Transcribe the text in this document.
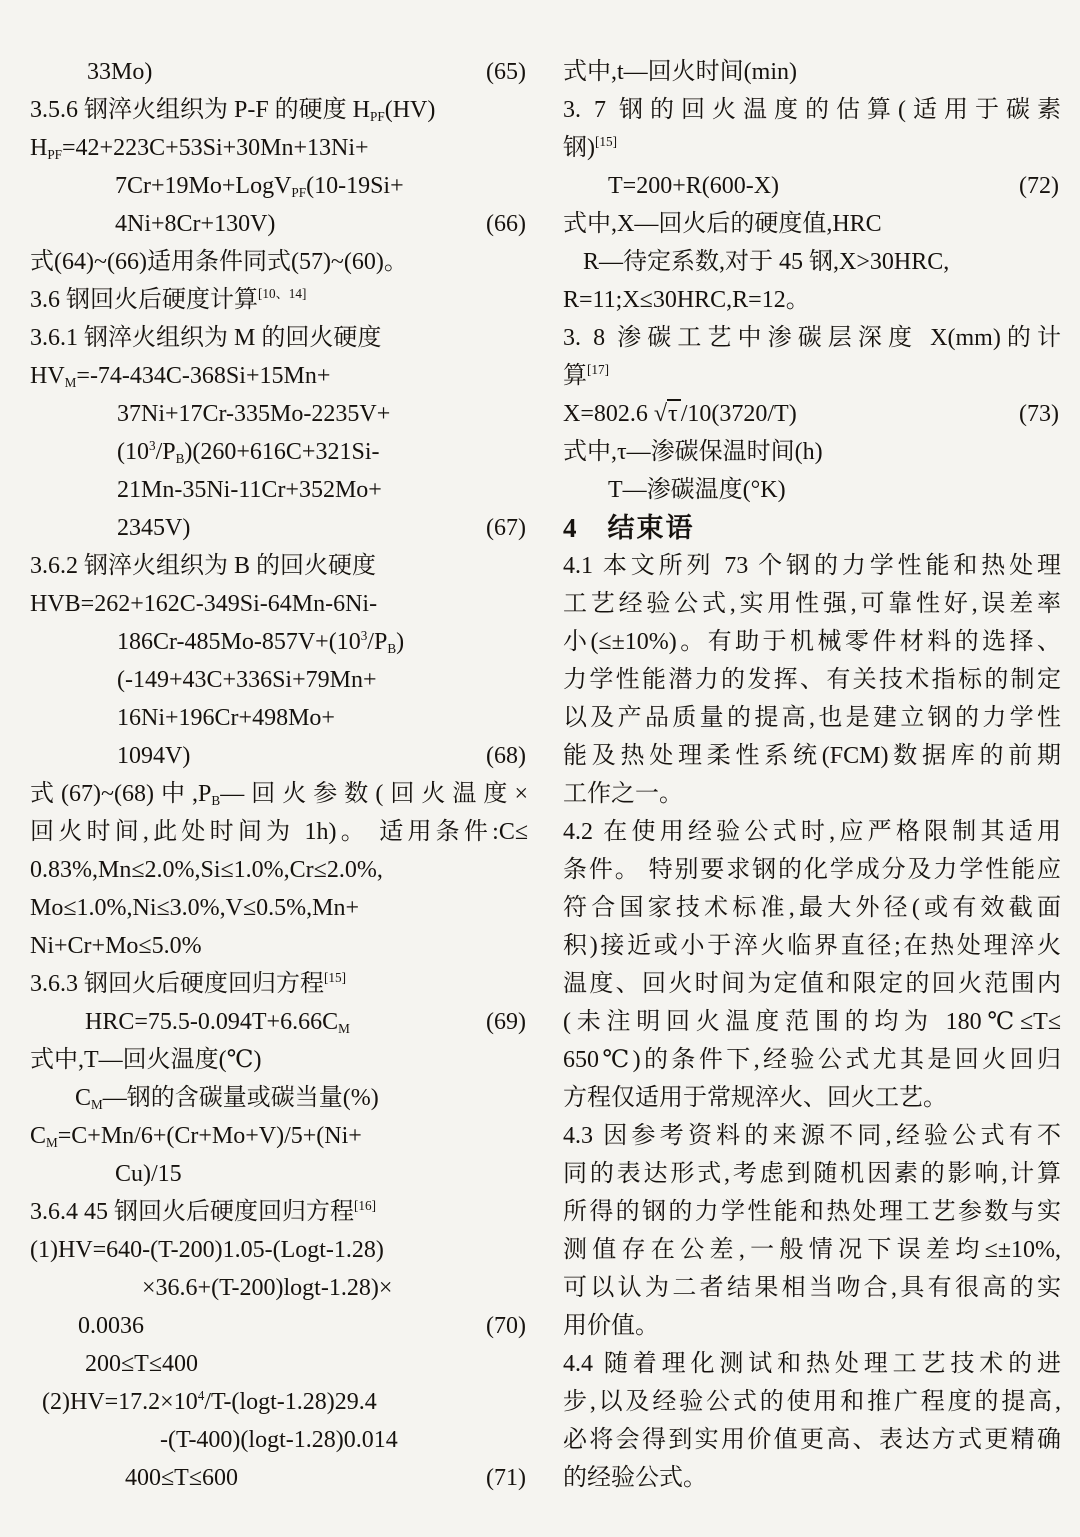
33Mo)	(65)
3.5.6 钢淬火组织为 P-F 的硬度 $H_{PF}(HV)$
$H_{PF}=42+223C+53Si+30Mn+13Ni+$
7Cr+19Mo+LogV$_{PF}$(10-19Si+
4Ni+8Cr+130V)	(66)
式(64)~(66)适用条件同式(57)~(60)。
3.6 钢回火后硬度计算[10、14]
3.6.1 钢淬火组织为 M 的回火硬度
$HV_M=-74-434C-368Si+15Mn+$
37Ni+17Cr-335Mo-2235V+
$(10^3/P_B)(260+616C+321Si-$
21Mn-35Ni-11Cr+352Mo+
2345V)	(67)
3.6.2 钢淬火组织为 B 的回火硬度
HVB=262+162C-349Si-64Mn-6Ni-
$186Cr-485Mo-857V+(10^3/P_B)$
(-149+43C+336Si+79Mn+
16Ni+196Cr+498Mo+
1094V)	(68)
式(67)~(68)中$,P_B—$回火参数(回火温度×
回火时间,此处时间为 1h)。 适用条件:C≤
0.83%,Mn≤2.0%,Si≤1.0%,Cr≤2.0%,
Mo≤1.0%,Ni≤3.0%,V≤0.5%,Mn+
Ni+Cr+Mo≤5.0%
3.6.3 钢回火后硬度回归方程[15]
$HRC=75.5-0.094T+6.66C_M$	(69)
式中,T—回火温度(℃)
$C_M—$钢的含碳量或碳当量(%)
$C_M=C+Mn/6+(Cr+Mo+V)/5+(Ni+$
Cu)/15
3.6.4 45 钢回火后硬度回归方程[16]
(1)HV=640-(T-200)1.05-(Logt-1.28)
×36.6+(T-200)logt-1.28)×
0.0036	(70)
200≤T≤400
$(2)HV=17.2\times 10^4/T-(\log t-1.28)29.4$
-(T-400)(logt-1.28)0.014
400≤T≤600	(71)
式中,t—回火时间(min)
3. 7 钢的回火温度的估算(适用于碳素
钢)[15]
T=200+R(600-X)	(72)
式中,X—回火后的硬度值,HRC
R—待定系数,对于 45 钢,X>30HRC,
R=11;X≤30HRC,R=12。
3. 8 渗碳工艺中渗碳层深度 X(mm)的计
算[17]
X=802.6 √τ /10(3720/T)	(73)
式中,τ—渗碳保温时间(h)
T—渗碳温度(°K)
4　结束语
4.1 本文所列 73 个钢的力学性能和热处理
工艺经验公式,实用性强,可靠性好,误差率
小(≤±10%)。有助于机械零件材料的选择、
力学性能潜力的发挥、有关技术指标的制定
以及产品质量的提高,也是建立钢的力学性
能及热处理柔性系统(FCM)数据库的前期
工作之一。
4.2 在使用经验公式时,应严格限制其适用
条件。 特别要求钢的化学成分及力学性能应
符合国家技术标准,最大外径(或有效截面
积)接近或小于淬火临界直径;在热处理淬火
温度、回火时间为定值和限定的回火范围内
(未注明回火温度范围的均为 180℃≤T≤
650℃)的条件下,经验公式尤其是回火回归
方程仅适用于常规淬火、回火工艺。
4.3 因参考资料的来源不同,经验公式有不
同的表达形式,考虑到随机因素的影响,计算
所得的钢的力学性能和热处理工艺参数与实
测值存在公差,一般情况下误差均≤±10%,
可以认为二者结果相当吻合,具有很高的实
用价值。
4.4 随着理化测试和热处理工艺技术的进
步,以及经验公式的使用和推广程度的提高,
必将会得到实用价值更高、表达方式更精确
的经验公式。
